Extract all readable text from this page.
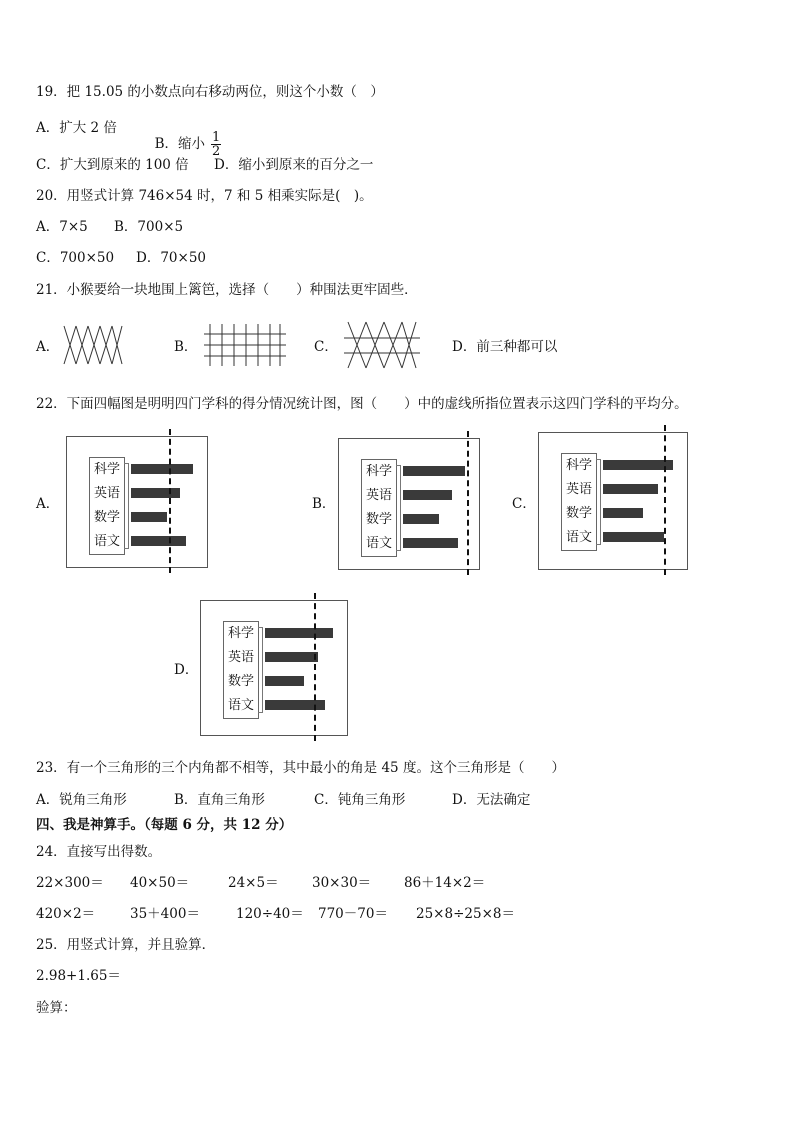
19．把 15.05 的小数点向右移动两位，则这个小数（　）
A．扩大 2 倍

B．缩小 $\frac{1}{2}$

C．扩大到原来的 100 倍 D．缩小到原来的百分之一
20．用竖式计算 746×54 时，7 和 5 相乘实际是(　)。
A．7×5 B．700×5
C．700×50 D．70×50
21．小猴要给一块地围上篱笆，选择（　　）种围法更牢固些．
A．	B．	C．	D．前三种都可以
22．下面四幅图是明明四门学科的得分情况统计图，图（　　）中的虚线所指位置表示这四门学科的平均分。
A．
科学
英语
数学
语文
B．
科学
英语
数学
语文
C．
科学
英语
数学
语文
D．
科学
英语
数学
语文
23．有一个三角形的三个内角都不相等，其中最小的角是 45 度。这个三角形是（　　）
A．锐角三角形	B．直角三角形	C．钝角三角形	D．无法确定
四、我是神算手。（每题 6 分，共 12 分）
24．直接写出得数。
22×300＝ 40×50＝	24×5＝ 30×30＝ 86＋14×2＝
420×2＝	35＋400＝	120÷40＝ 770－70＝ 25×8÷25×8＝
25．用竖式计算，并且验算．
2.98+1.65＝
验算：
